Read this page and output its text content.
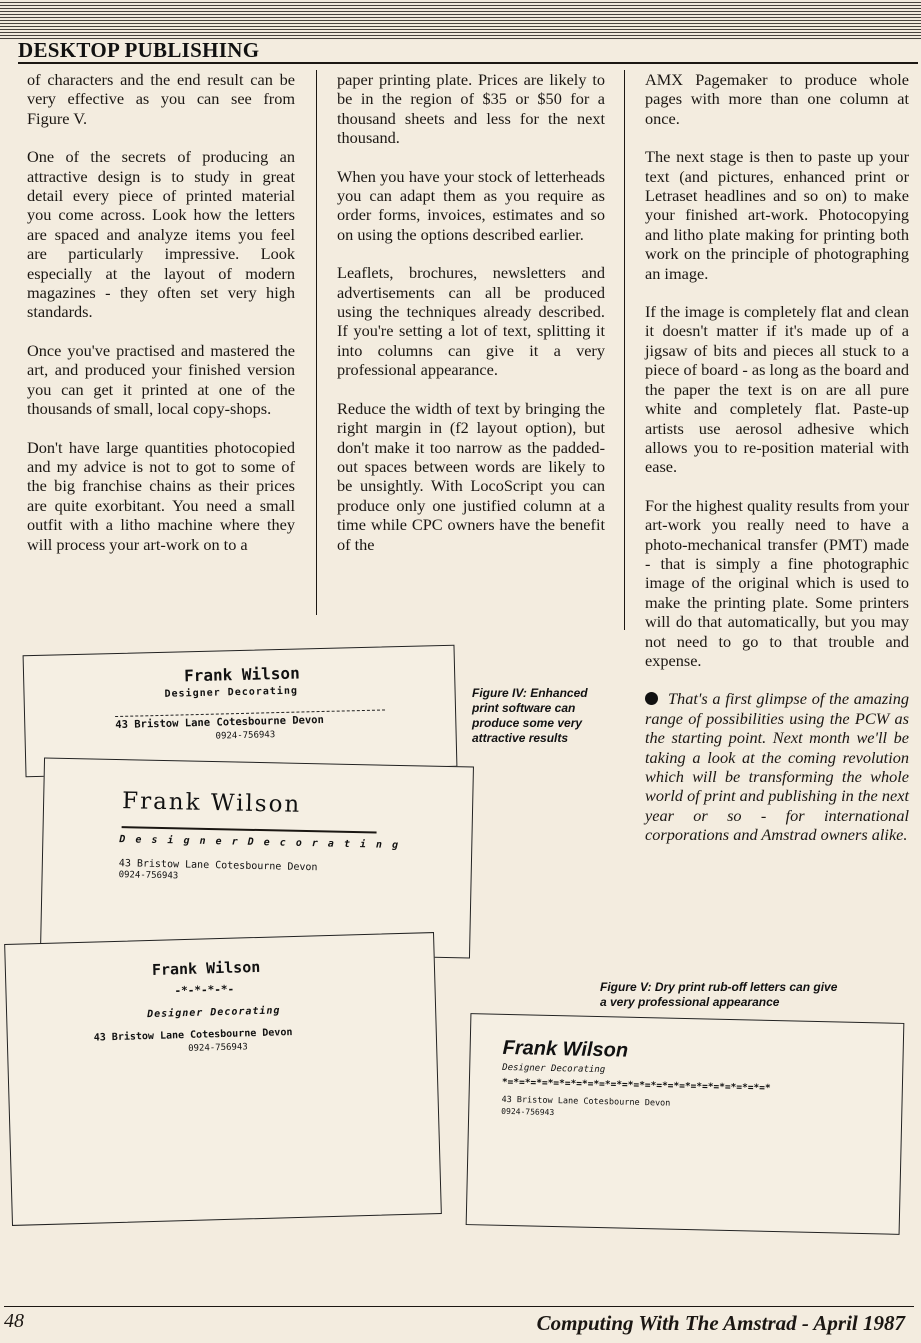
DESKTOP PUBLISHING

of characters and the end result can be very effective as you can see from Figure V.

One of the secrets of producing an attractive design is to study in great detail every piece of printed material you come across. Look how the letters are spaced and analyze items you feel are particularly impressive. Look especially at the layout of modern magazines - they often set very high standards.

Once you've practised and mastered the art, and produced your finished version you can get it printed at one of the thousands of small, local copy-shops.

Don't have large quantities photocopied and my advice is not to got to some of the big franchise chains as their prices are quite exorbitant. You need a small outfit with a litho machine where they will process your art-work on to a

paper printing plate. Prices are likely to be in the region of $35 or $50 for a thousand sheets and less for the next thousand.

When you have your stock of letterheads you can adapt them as you require as order forms, invoices, estimates and so on using the options described earlier.

Leaflets, brochures, newsletters and advertisements can all be produced using the techniques already described. If you're setting a lot of text, splitting it into columns can give it a very professional appearance.

Reduce the width of text by bringing the right margin in (f2 layout option), but don't make it too narrow as the padded-out spaces between words are likely to be unsightly. With LocoScript you can produce only one justified column at a time while CPC owners have the benefit of the

AMX Pagemaker to produce whole pages with more than one column at once.

The next stage is then to paste up your text (and pictures, enhanced print or Letraset headlines and so on) to make your finished art-work. Photocopying and litho plate making for printing both work on the principle of photographing an image.

If the image is completely flat and clean it doesn't matter if it's made up of a jigsaw of bits and pieces all stuck to a piece of board - as long as the board and the paper the text is on are all pure white and completely flat. Paste-up artists use aerosol adhesive which allows you to re-position material with ease.

For the highest quality results from your art-work you really need to have a photo-mechanical transfer (PMT) made - that is simply a fine photographic image of the original which is used to make the printing plate. Some printers will do that automatically, but you may not need to go to that trouble and expense.

That's a first glimpse of the amazing range of possibilities using the PCW as the starting point. Next month we'll be taking a look at the coming revolution which will be transforming the whole world of print and publishing in the next year or so - for international corporations and Amstrad owners alike.

Frank Wilson
Designer Decorating
43 Bristow Lane Cotesbourne Devon
0924-756943
Figure IV: Enhanced print software can produce some very attractive results
Frank Wilson
D e s i g n e r D e c o r a t i n g
43 Bristow Lane Cotesbourne Devon
0924-756943
Frank Wilson
-*-*-*-*-
Designer Decorating
43 Bristow Lane Cotesbourne Devon
0924-756943
Figure V: Dry print rub-off letters can give a very professional appearance
Frank Wilson
Designer Decorating
*=*=*=*=*=*=*=*=*=*=*=*=*=*=*=*=*=*=*=*=*=*=*=*
43 Bristow Lane Cotesbourne Devon
0924-756943
48	Computing With The Amstrad - April 1987
